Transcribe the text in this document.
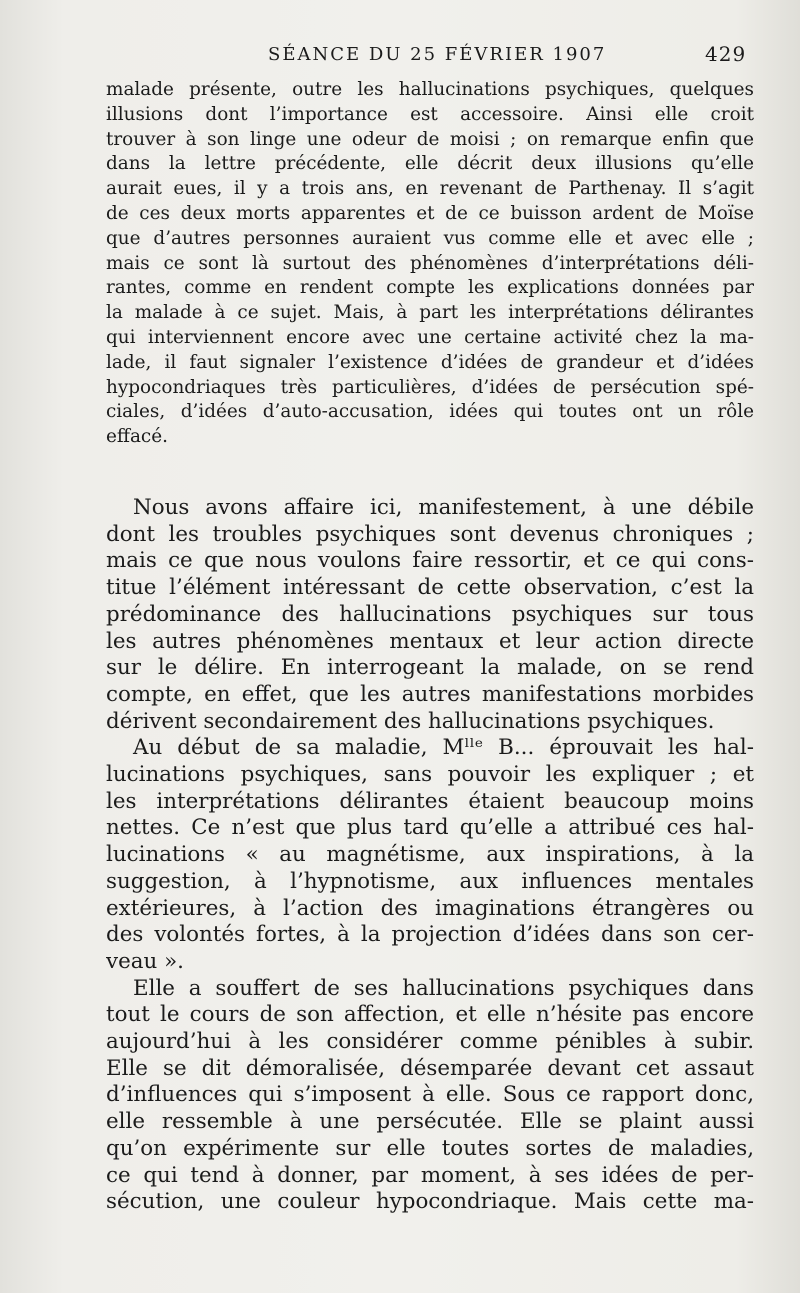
SÉANCE DU 25 FÉVRIER 1907	429
malade présente, outre les hallucinations psychiques, quelques
illusions dont l’importance est accessoire. Ainsi elle croit
trouver à son linge une odeur de moisi ; on remarque enfin que
dans la lettre précédente, elle décrit deux illusions qu’elle
aurait eues, il y a trois ans, en revenant de Parthenay. Il s’agit
de ces deux morts apparentes et de ce buisson ardent de Moïse
que d’autres personnes auraient vus comme elle et avec elle ;
mais ce sont là surtout des phénomènes d’interprétations déli-
rantes, comme en rendent compte les explications données par
la malade à ce sujet. Mais, à part les interprétations délirantes
qui interviennent encore avec une certaine activité chez la ma-
lade, il faut signaler l’existence d’idées de grandeur et d’idées
hypocondriaques très particulières, d’idées de persécution spé-
ciales, d’idées d’auto-accusation, idées qui toutes ont un rôle
effacé.
Nous avons affaire ici, manifestement, à une débile
dont les troubles psychiques sont devenus chroniques ;
mais ce que nous voulons faire ressortir, et ce qui cons-
titue l’élément intéressant de cette observation, c’est la
prédominance des hallucinations psychiques sur tous
les autres phénomènes mentaux et leur action directe
sur le délire. En interrogeant la malade, on se rend
compte, en effet, que les autres manifestations morbides
dérivent secondairement des hallucinations psychiques.
Au début de sa maladie, Mˡˡᵉ B... éprouvait les hal-
lucinations psychiques, sans pouvoir les expliquer ; et
les interprétations délirantes étaient beaucoup moins
nettes. Ce n’est que plus tard qu’elle a attribué ces hal-
lucinations « au magnétisme, aux inspirations, à la
suggestion, à l’hypnotisme, aux influences mentales
extérieures, à l’action des imaginations étrangères ou
des volontés fortes, à la projection d’idées dans son cer-
veau ».
Elle a souffert de ses hallucinations psychiques dans
tout le cours de son affection, et elle n’hésite pas encore
aujourd’hui à les considérer comme pénibles à subir.
Elle se dit démoralisée, désemparée devant cet assaut
d’influences qui s’imposent à elle. Sous ce rapport donc,
elle ressemble à une persécutée. Elle se plaint aussi
qu’on expérimente sur elle toutes sortes de maladies,
ce qui tend à donner, par moment, à ses idées de per-
sécution, une couleur hypocondriaque. Mais cette ma-
